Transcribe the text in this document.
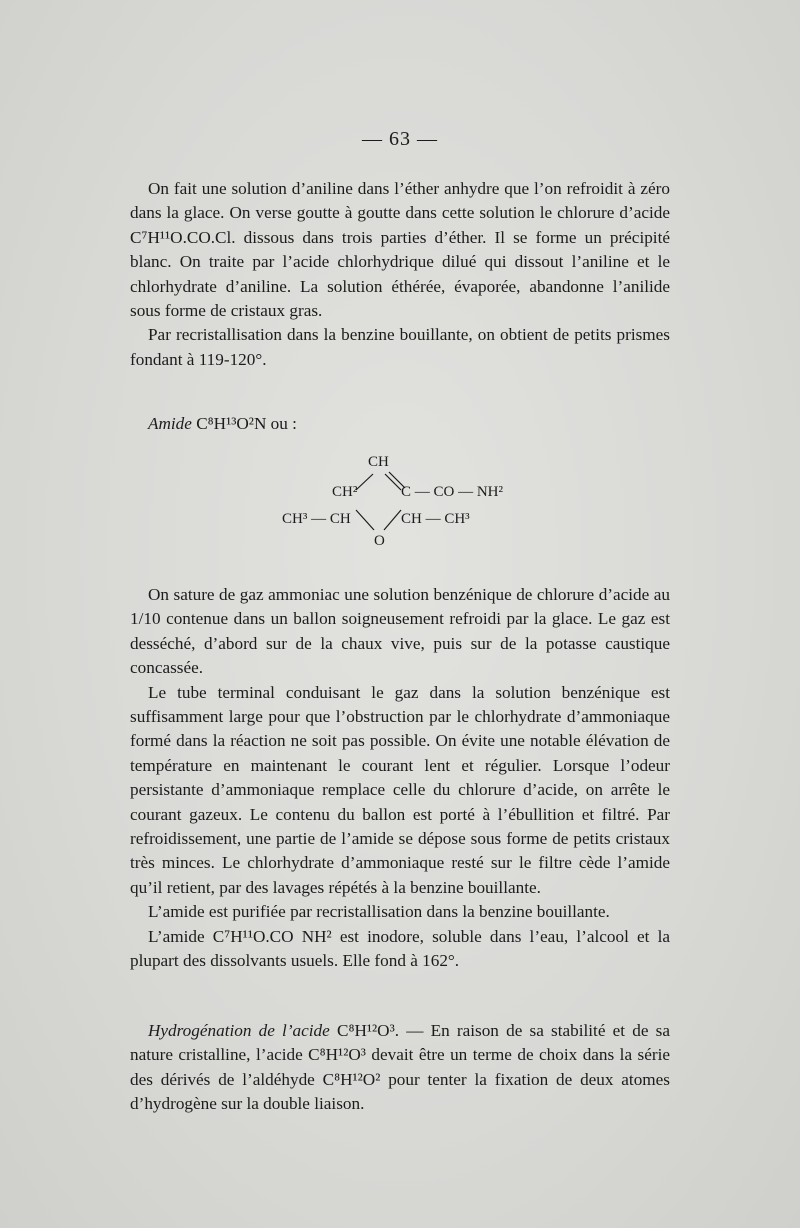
— 63 —

On fait une solution d’aniline dans l’éther anhydre que l’on refroidit à zéro dans la glace. On verse goutte à goutte dans cette solution le chlorure d’acide C⁷H¹¹O.CO.Cl. dissous dans trois parties d’éther. Il se forme un précipité blanc. On traite par l’acide chlorhydrique dilué qui dissout l’aniline et le chlorhydrate d’aniline. La solution éthérée, évaporée, abandonne l’anilide sous forme de cristaux gras.

Par recristallisation dans la benzine bouillante, on obtient de petits prismes fondant à 119-120°.

Amide C⁸H¹³O²N ou :
CH
CH²	C — CO — NH²
CH³ — CH	CH — CH³
O

On sature de gaz ammoniac une solution benzénique de chlorure d’acide au 1/10 contenue dans un ballon soigneusement refroidi par la glace. Le gaz est desséché, d’abord sur de la chaux vive, puis sur de la potasse caustique concassée.

Le tube terminal conduisant le gaz dans la solution benzénique est suffisamment large pour que l’obstruction par le chlorhydrate d’ammoniaque formé dans la réaction ne soit pas possible. On évite une notable élévation de température en maintenant le courant lent et régulier. Lorsque l’odeur persistante d’ammoniaque remplace celle du chlorure d’acide, on arrête le courant gazeux. Le contenu du ballon est porté à l’ébullition et filtré. Par refroidissement, une partie de l’amide se dépose sous forme de petits cristaux très minces. Le chlorhydrate d’ammoniaque resté sur le filtre cède l’amide qu’il retient, par des lavages répétés à la benzine bouillante.

L’amide est purifiée par recristallisation dans la benzine bouillante.

L’amide C⁷H¹¹O.CO NH² est inodore, soluble dans l’eau, l’alcool et la plupart des dissolvants usuels. Elle fond à 162°.

Hydrogénation de l’acide C⁸H¹²O³. — En raison de sa stabilité et de sa nature cristalline, l’acide C⁸H¹²O³ devait être un terme de choix dans la série des dérivés de l’aldéhyde C⁸H¹²O² pour tenter la fixation de deux atomes d’hydrogène sur la double liaison.
